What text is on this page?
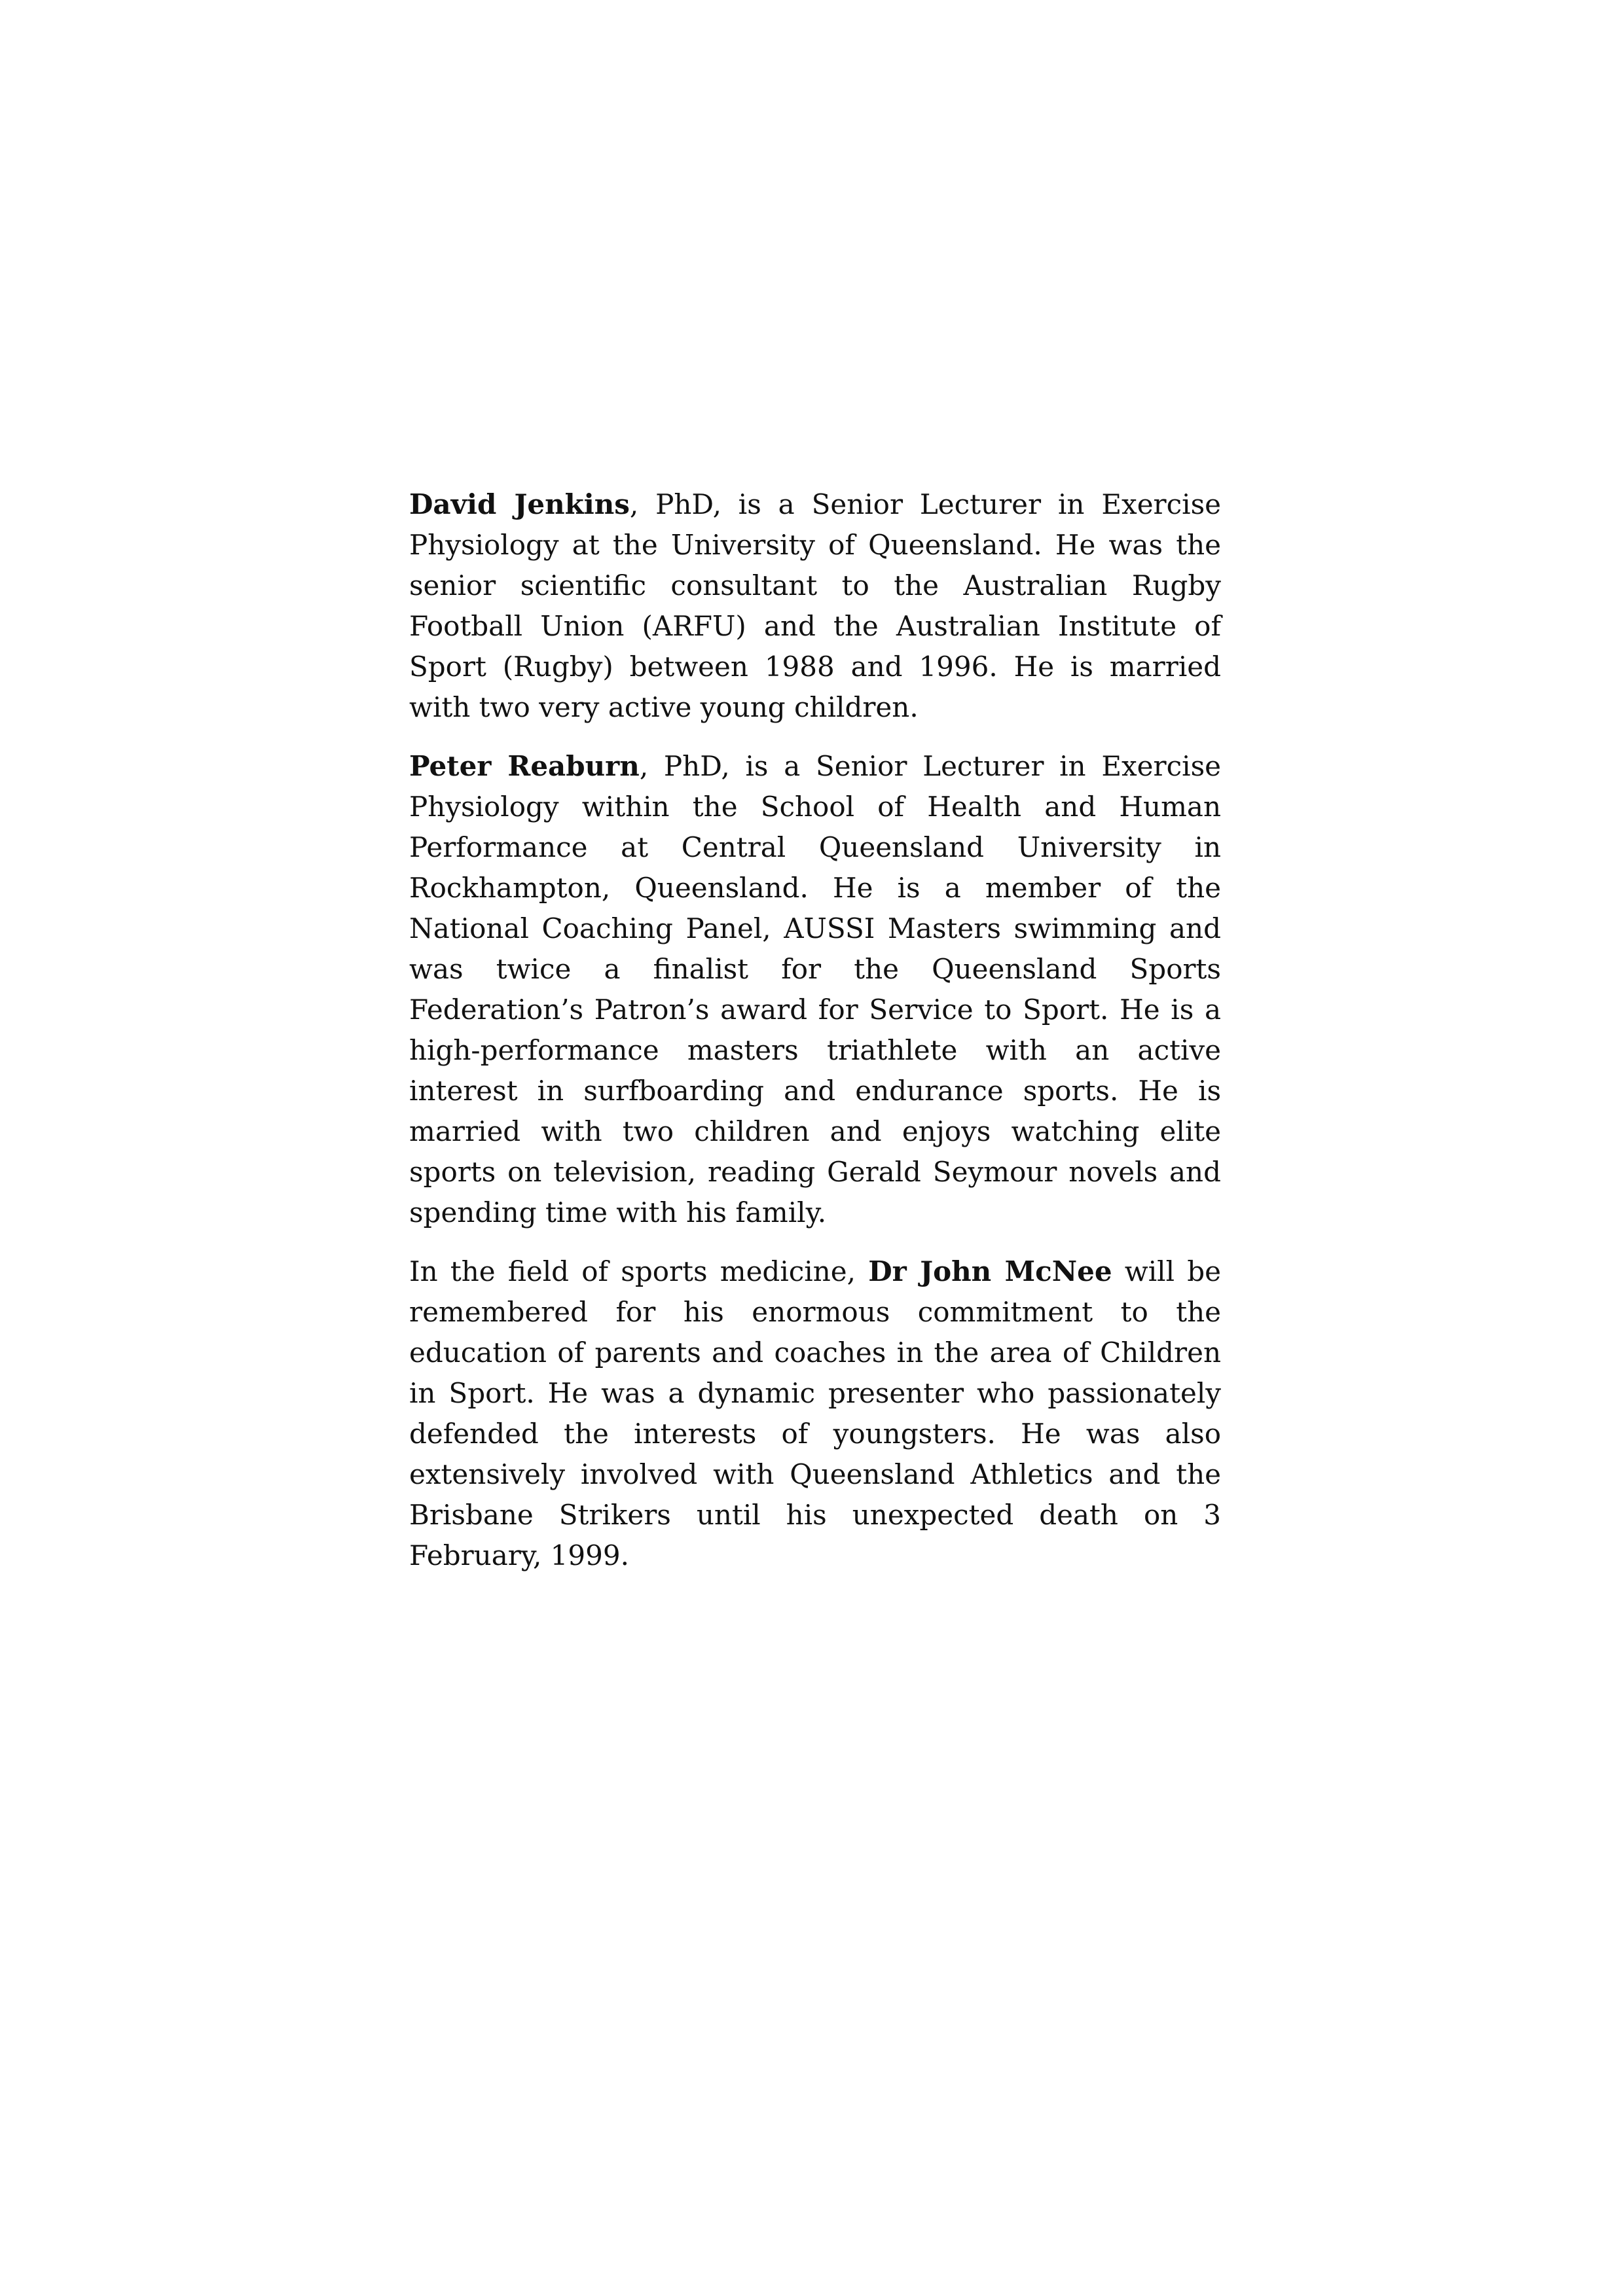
David Jenkins, PhD, is a Senior Lecturer in Exercise Physiology at the University of Queensland. He was the senior scientific consultant to the Australian Rugby Football Union (ARFU) and the Australian Institute of Sport (Rugby) between 1988 and 1996. He is married with two very active young children.

Peter Reaburn, PhD, is a Senior Lecturer in Exercise Physiology within the School of Health and Human Performance at Central Queensland University in Rockhampton, Queensland. He is a member of the National Coaching Panel, AUSSI Masters swimming and was twice a finalist for the Queensland Sports Federation’s Patron’s award for Service to Sport. He is a high-performance masters triathlete with an active interest in surfboarding and endurance sports. He is married with two children and enjoys watching elite sports on television, reading Gerald Seymour novels and spending time with his family.

In the field of sports medicine, Dr John McNee will be remembered for his enormous commitment to the education of parents and coaches in the area of Children in Sport. He was a dynamic presenter who passionately defended the interests of youngsters. He was also extensively involved with Queensland Athletics and the Brisbane Strikers until his unexpected death on 3 February, 1999.
